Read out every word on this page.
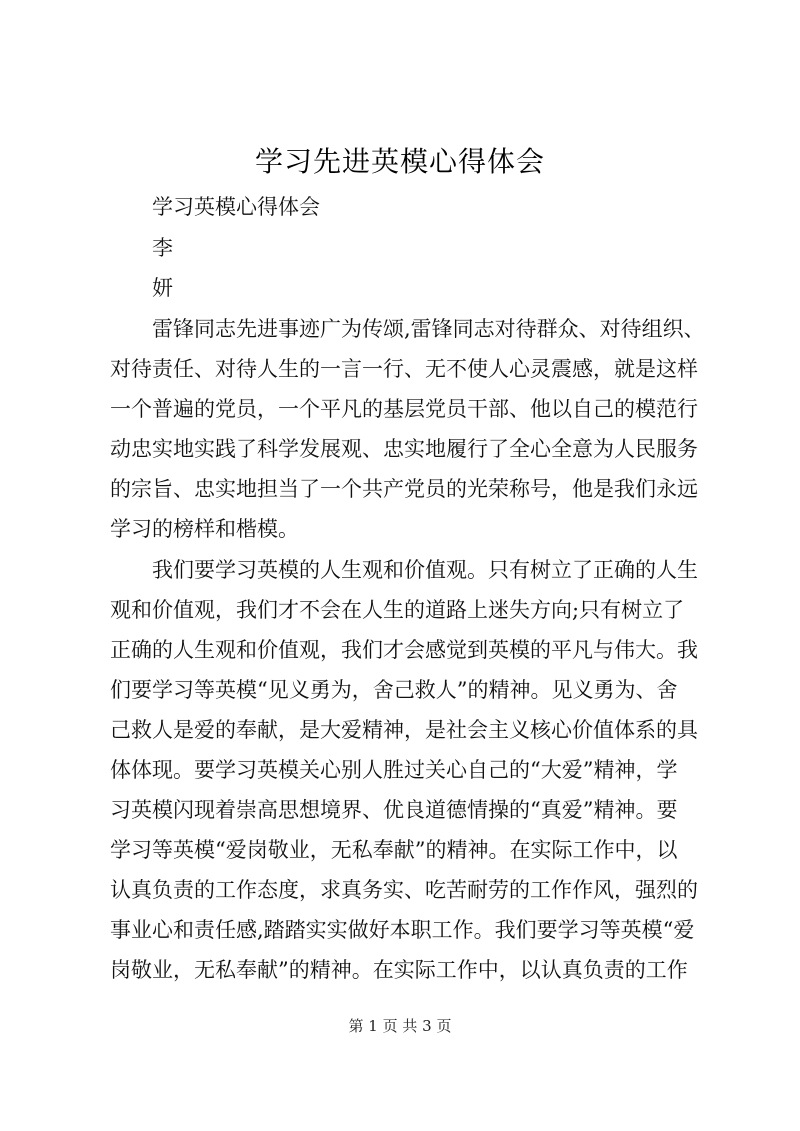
学习先进英模心得体会
学习英模心得体会
李
妍
雷锋同志先进事迹广为传颂,雷锋同志对待群众、对待组织、
对待责任、对待人生的一言一行、无不使人心灵震感，就是这样
一个普遍的党员，一个平凡的基层党员干部、他以自己的模范行
动忠实地实践了科学发展观、忠实地履行了全心全意为人民服务
的宗旨、忠实地担当了一个共产党员的光荣称号，他是我们永远
学习的榜样和楷模。
我们要学习英模的人生观和价值观。只有树立了正确的人生
观和价值观，我们才不会在人生的道路上迷失方向;只有树立了
正确的人生观和价值观，我们才会感觉到英模的平凡与伟大。我
们要学习等英模“见义勇为，舍己救人”的精神。见义勇为、舍
己救人是爱的奉献，是大爱精神，是社会主义核心价值体系的具
体体现。要学习英模关心别人胜过关心自己的“大爱”精神，学
习英模闪现着崇高思想境界、优良道德情操的“真爱”精神。要
学习等英模“爱岗敬业，无私奉献”的精神。在实际工作中，以
认真负责的工作态度，求真务实、吃苦耐劳的工作作风，强烈的
事业心和责任感,踏踏实实做好本职工作。我们要学习等英模“爱
岗敬业，无私奉献”的精神。在实际工作中，以认真负责的工作
第 1 页 共 3 页
